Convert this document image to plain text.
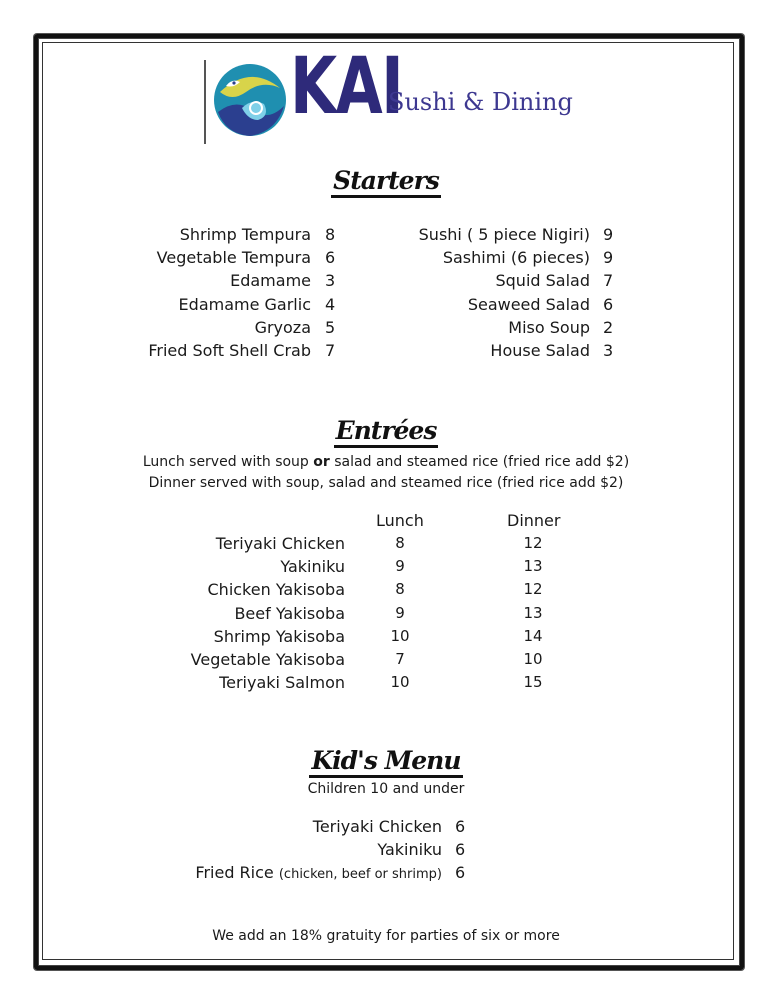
KAI
Sushi & Dining
Starters
Shrimp Tempura 8
Vegetable Tempura 6
Edamame 3
Edamame Garlic 4
Gryoza 5
Fried Soft Shell Crab 7
Sushi ( 5 piece Nigiri) 9
Sashimi (6 pieces) 9
Squid Salad 7
Seaweed Salad 6
Miso Soup 2
House Salad 3
Entrées
Lunch served with soup or salad and steamed rice (fried rice add $2)
Dinner served with soup, salad and steamed rice (fried rice add $2)
Lunch	Dinner
Teriyaki Chicken	8	12
Yakiniku	9	13
Chicken Yakisoba	8	12
Beef Yakisoba	9	13
Shrimp Yakisoba	10	14
Vegetable Yakisoba	7	10
Teriyaki Salmon	10	15
Kid's Menu
Children 10 and under
Teriyaki Chicken 6
Yakiniku 6
Fried Rice (chicken, beef or shrimp) 6
We add an 18% gratuity for parties of six or more
